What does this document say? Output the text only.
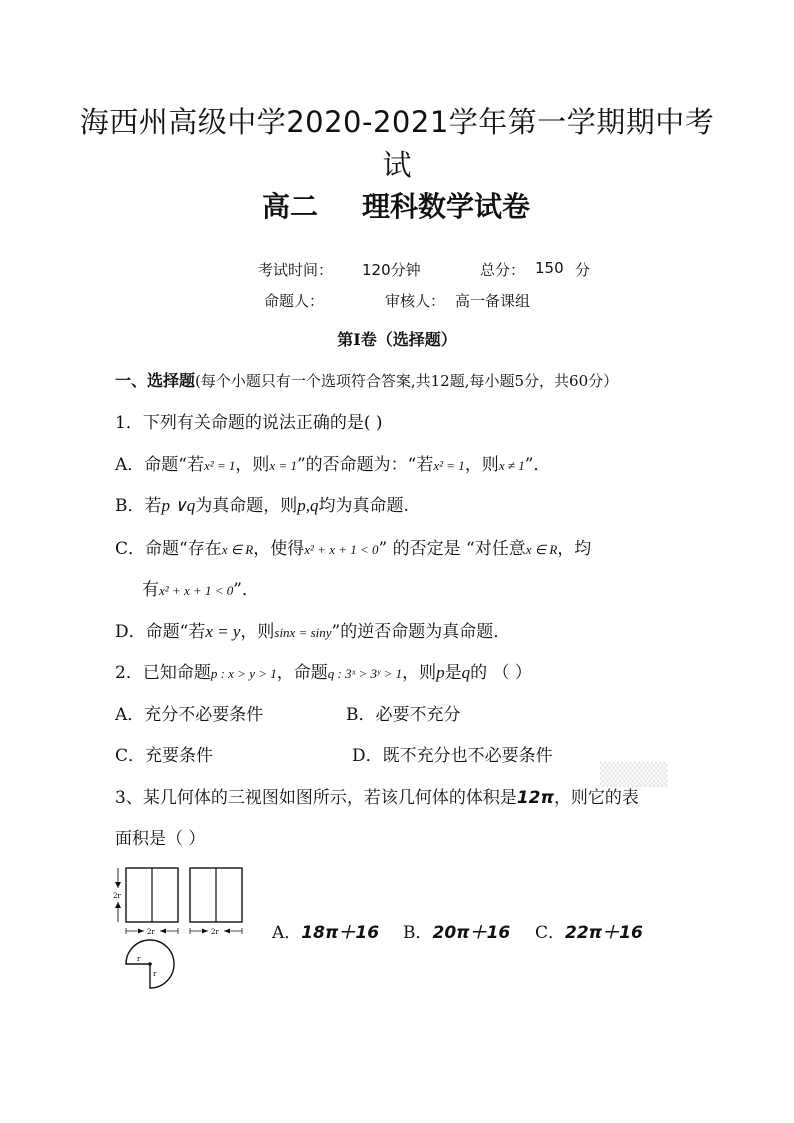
海西州高级中学2020-2021学年第一学期期中考
试
高二 理科数学试卷
考试时间： 120分钟	总分： 150 分
命题人：	审核人： 高一备课组
第Ⅰ卷（选择题）
一、选择题(每个小题只有一个选项符合答案,共12题,每小题5分，共60分）
1．下列有关命题的说法正确的是( )
A．命题“若x² = 1，则x = 1”的否命题为：“若x² = 1，则x ≠ 1”．
B．若p ∨q为真命题，则p,q均为真命题.
C．命题“存在x ∈ R，使得x² + x + 1 < 0” 的否定是 “对任意x ∈ R，均
有x² + x + 1 < 0”．
D．命题“若x = y，则sinx = siny”的逆否命题为真命题．
2．已知命题p : x > y > 1，命题q : 3ˣ > 3ʸ > 1，则p是q的 （ ）
A．充分不必要条件	B．必要不充分
C．充要条件	D．既不充分也不必要条件
▒▒▒▒
3、某几何体的三视图如图所示，若该几何体的体积是12π，则它的表
面积是（ ）
2r
2r	2r
r
r
A．18π＋16 B．20π＋16 C．22π＋16
